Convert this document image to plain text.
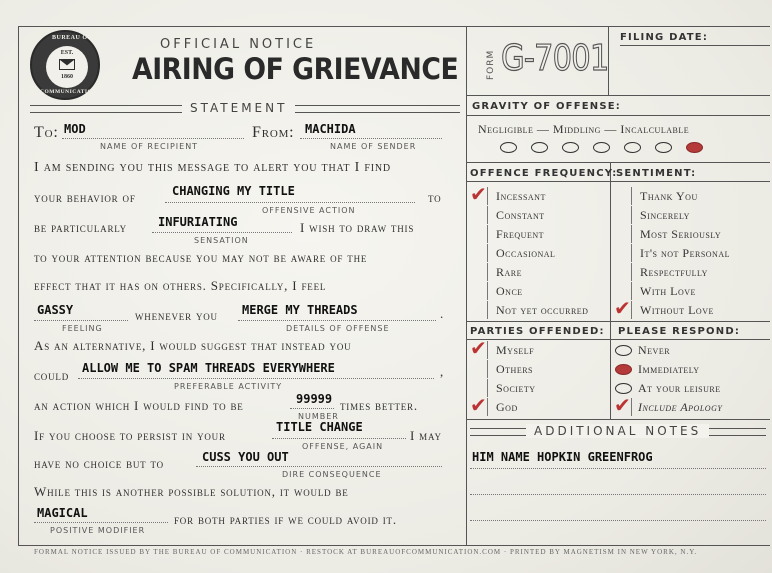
BUREAU OF
COMMUNICATION
EST.
1860
OFFICIAL NOTICE
AIRING OF GRIEVANCE	FORM G-7001
FILING DATE:
STATEMENT
To: MOD
NAME OF RECIPIENT
From: MACHIDA
NAME OF SENDER
I am sending you this message to alert you that I find
your behavior of	CHANGING MY TITLE	to
OFFENSIVE ACTION
be particularly	INFURIATING	I wish to draw this
SENSATION
to your attention because you may not be aware of the
effect that it has on others. Specifically, I feel
GASSY	whenever you MERGE MY THREADS	.
FEELING	DETAILS OF OFFENSE
As an alternative, I would suggest that instead you
could ALLOW ME TO SPAM THREADS EVERYWHERE	,
PREFERABLE ACTIVITY
an action which I would find to be	99999 times better.
NUMBER
If you choose to persist in your
TITLE CHANGE
I may
OFFENSE, AGAIN
have no choice but to	CUSS YOU OUT
DIRE CONSEQUENCE
While this is another possible solution, it would be
MAGICAL	for both parties if we could avoid it.
POSITIVE MODIFIER
GRAVITY OF OFFENSE:
Negligible — Middling — Incalculable
OFFENCE FREQUENCY:
SENTIMENT:
✔ Incessant
Constant
Frequent
Occasional
Rare
Once
Not yet occurred
Thank You
Sincerely
Most Seriously
It's not Personal
Respectfully
With Love
✔ Without Love
PARTIES OFFENDED: PLEASE RESPOND:
✔ Myself
Others
Society
✔ God
Never
Immediately
At your leisure
✔ Include Apology
ADDITIONAL NOTES
HIM NAME HOPKIN GREENFROG
FORMAL NOTICE ISSUED BY THE BUREAU OF COMMUNICATION · RESTOCK AT BUREAUOFCOMMUNICATION.COM · PRINTED BY MAGNETISM IN NEW YORK, N.Y.
